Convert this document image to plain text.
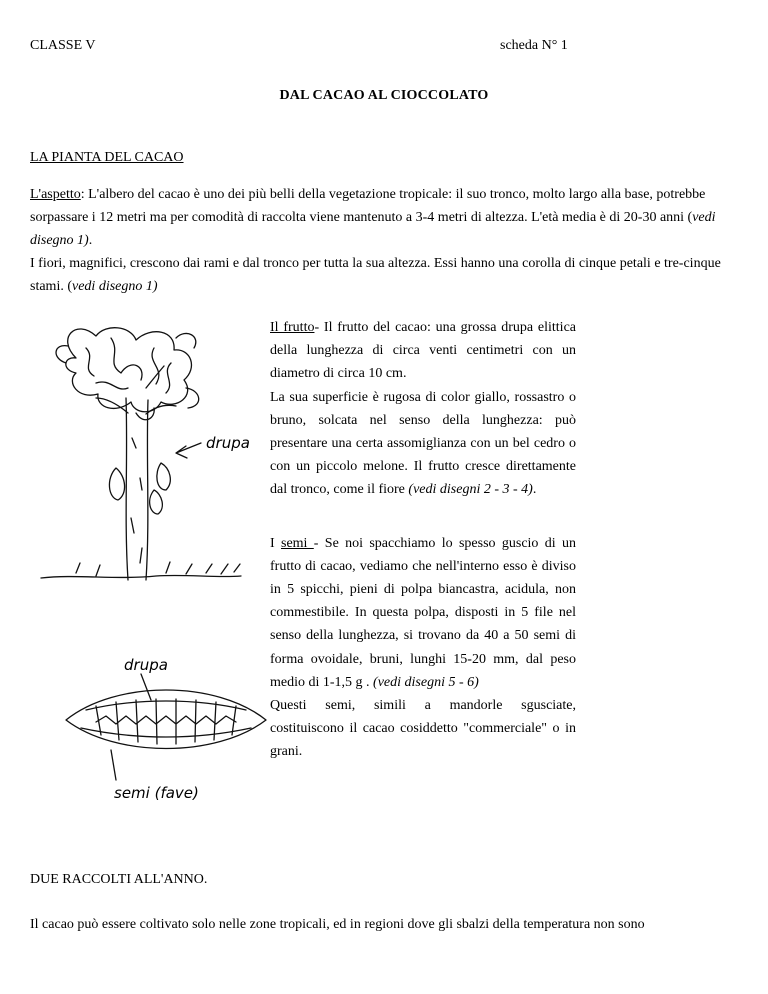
CLASSE V	scheda N° 1
DAL CACAO AL CIOCCOLATO
LA PIANTA DEL CACAO

L'aspetto: L'albero del cacao è uno dei più belli della vegetazione tropicale: il suo tronco, molto largo alla base, potrebbe sorpassare i 12 metri ma per comodità di raccolta viene mantenuto a 3-4 metri di altezza. L'età media è di 20-30 anni (vedi disegno 1).

I fiori, magnifici, crescono dai rami e dal tronco per tutta la sua altezza. Essi hanno una corolla di cinque petali e tre-cinque stami. (vedi disegno 1)

drupa
drupa
semi (fave)

Il frutto- Il frutto del cacao: una grossa drupa elittica della lunghezza di circa venti centimetri con un diametro di circa 10 cm.

La sua superficie è rugosa di color giallo, rossastro o bruno, solcata nel senso della lunghezza: può presentare una certa assomiglianza con un bel cedro o con un piccolo melone. Il frutto cresce direttamente dal tronco, come il fiore (vedi disegni 2 - 3 - 4).

I semi - Se noi spacchiamo lo spesso guscio di un frutto di cacao, vediamo che nell'interno esso è diviso in 5 spicchi, pieni di polpa biancastra, acidula, non commestibile. In questa polpa, disposti in 5 file nel senso della lunghezza, si trovano da 40 a 50 semi di forma ovoidale, bruni, lunghi 15-20 mm, dal peso medio di 1-1,5 g . (vedi disegni 5 - 6)

Questi semi, simili a mandorle sgusciate, costituiscono il cacao cosiddetto "commerciale" o in grani.

DUE RACCOLTI ALL'ANNO.
Il cacao può essere coltivato solo nelle zone tropicali, ed in regioni dove gli sbalzi della temperatura non sono
